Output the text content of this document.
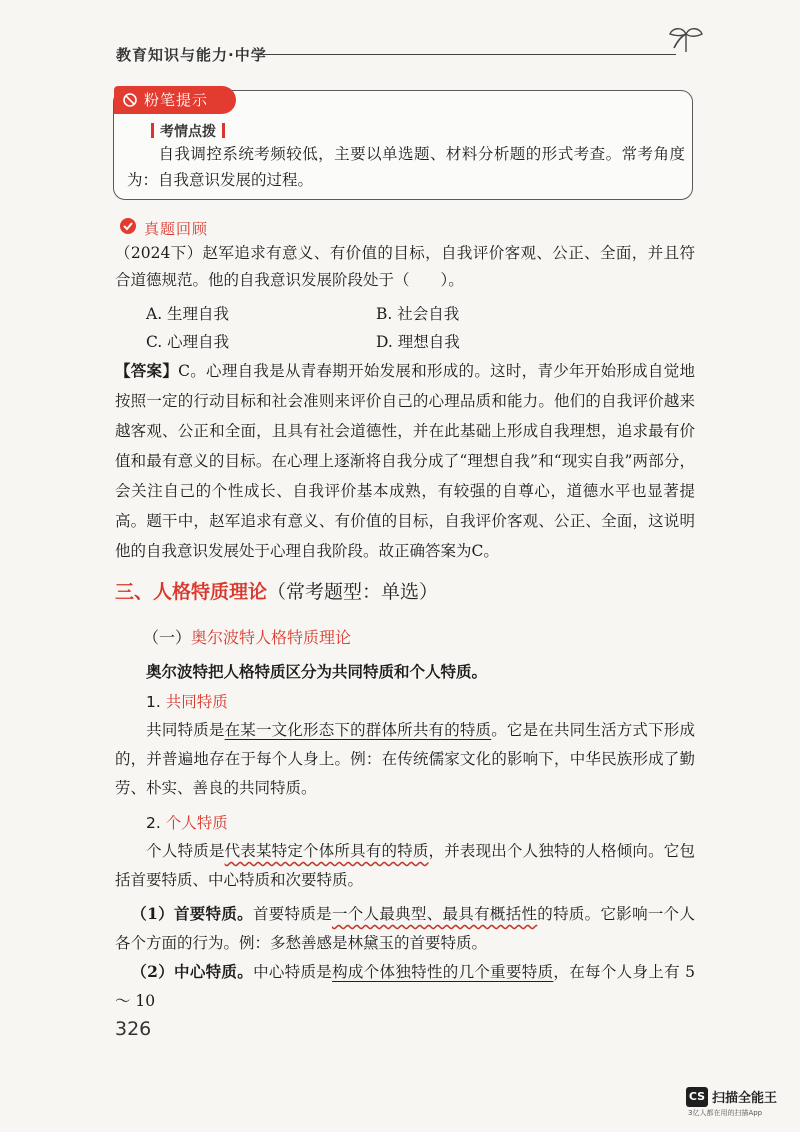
教育知识与能力·中学
粉笔提示
考情点拨
自我调控系统考频较低，主要以单选题、材料分析题的形式考查。常考角度为：自我意识发展的过程。
真题回顾
（2024下）赵军追求有意义、有价值的目标，自我评价客观、公正、全面，并且符合道德规范。他的自我意识发展阶段处于（　　）。
A. 生理自我	B. 社会自我
C. 心理自我	D. 理想自我
【答案】C。心理自我是从青春期开始发展和形成的。这时，青少年开始形成自觉地按照一定的行动目标和社会准则来评价自己的心理品质和能力。他们的自我评价越来越客观、公正和全面，且具有社会道德性，并在此基础上形成自我理想，追求最有价值和最有意义的目标。在心理上逐渐将自我分成了“理想自我”和“现实自我”两部分，会关注自己的个性成长、自我评价基本成熟，有较强的自尊心，道德水平也显著提高。题干中，赵军追求有意义、有价值的目标，自我评价客观、公正、全面，这说明他的自我意识发展处于心理自我阶段。故正确答案为C。
三、人格特质理论（常考题型：单选）
（一）奥尔波特人格特质理论
奥尔波特把人格特质区分为共同特质和个人特质。
1. 共同特质
共同特质是在某一文化形态下的群体所共有的特质。它是在共同生活方式下形成的，并普遍地存在于每个人身上。例：在传统儒家文化的影响下，中华民族形成了勤劳、朴实、善良的共同特质。
2. 个人特质
个人特质是代表某特定个体所具有的特质，并表现出个人独特的人格倾向。它包括首要特质、中心特质和次要特质。
（1）首要特质。首要特质是一个人最典型、最具有概括性的特质。它影响一个人各个方面的行为。例：多愁善感是林黛玉的首要特质。
（2）中心特质。中心特质是构成个体独特性的几个重要特质，在每个人身上有 5 ～ 10
326
CS 扫描全能王
3亿人都在用的扫描App
